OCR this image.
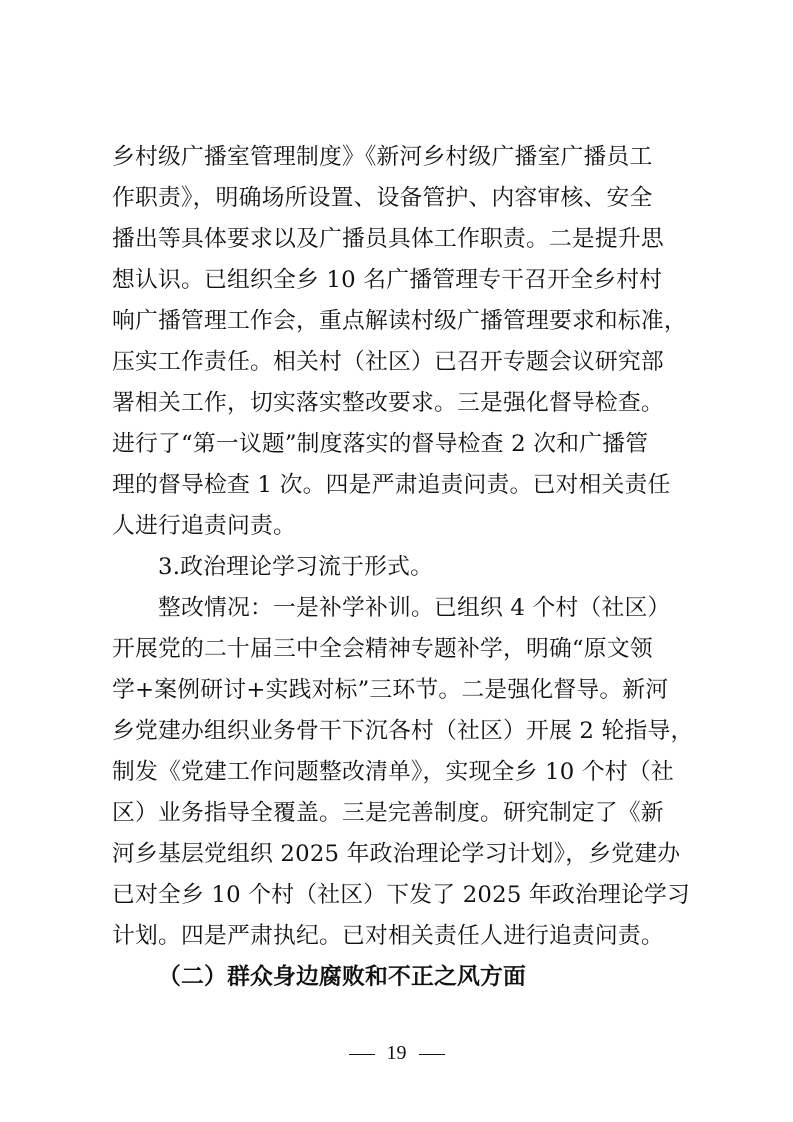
乡村级广播室管理制度》《新河乡村级广播室广播员工
作职责》，明确场所设置、设备管护、内容审核、安全
播出等具体要求以及广播员具体工作职责。二是提升思
想认识。已组织全乡 10 名广播管理专干召开全乡村村
响广播管理工作会，重点解读村级广播管理要求和标准，
压实工作责任。相关村（社区）已召开专题会议研究部
署相关工作，切实落实整改要求。三是强化督导检查。
进行了“第一议题”制度落实的督导检查 2 次和广播管
理的督导检查 1 次。四是严肃追责问责。已对相关责任
人进行追责问责。
3.政治理论学习流于形式。
整改情况：一是补学补训。已组织 4 个村（社区）
开展党的二十届三中全会精神专题补学，明确“原文领
学+案例研讨+实践对标”三环节。二是强化督导。新河
乡党建办组织业务骨干下沉各村（社区）开展 2 轮指导，
制发《党建工作问题整改清单》，实现全乡 10 个村（社
区）业务指导全覆盖。三是完善制度。研究制定了《新
河乡基层党组织 2025 年政治理论学习计划》，乡党建办
已对全乡 10 个村（社区）下发了 2025 年政治理论学习
计划。四是严肃执纪。已对相关责任人进行追责问责。
（二）群众身边腐败和不正之风方面
19
